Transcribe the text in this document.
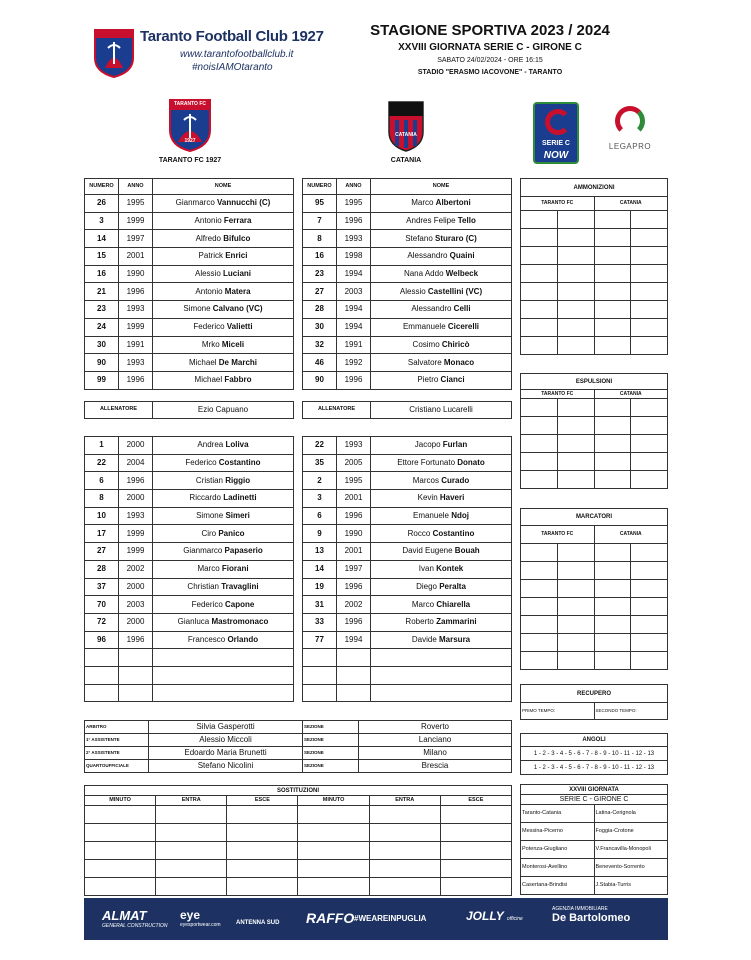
Taranto Football Club 1927
www.tarantofootballclub.it
#noisIAMOtaranto
STAGIONE SPORTIVA 2023 / 2024
XXVIII GIORNATA SERIE C - GIRONE C
SABATO 24/02/2024 - ORE 16:15
STADIO "ERASMO IACOVONE" - TARANTO
TARANTO FC
1927
TARANTO FC 1927
CATANIA
CATANIA
SERIE C
NOW
LEGAPRO
NUMERO	ANNO	NOME
26	1995	Gianmarco Vannucchi (C)
3	1999	Antonio Ferrara
14	1997	Alfredo Bifulco
15	2001	Patrick Enrici
16	1990	Alessio Luciani
21	1996	Antonio Matera
23	1993	Simone Calvano (VC)
24	1999	Federico Valietti
30	1991	Mrko Miceli
90	1993	Michael De Marchi
99	1996	Michael Fabbro
NUMERO	ANNO	NOME
95	1995	Marco Albertoni
7	1996	Andres Felipe Tello
8	1993	Stefano Sturaro (C)
16	1998	Alessandro Quaini
23	1994	Nana Addo Welbeck
27	2003	Alessio Castellini (VC)
28	1994	Alessandro Celli
30	1994	Emmanuele Cicerelli
32	1991	Cosimo Chiricò
46	1992	Salvatore Monaco
90	1996	Pietro Cianci
ALLENATORE	Ezio Capuano	ALLENATORE	Cristiano Lucarelli
1	2000	Andrea Loliva
22	2004	Federico Costantino
6	1996	Cristian Riggio
8	2000	Riccardo Ladinetti
10	1993	Simone Simeri
17	1999	Ciro Panico
27	1999	Gianmarco Papaserio
28	2002	Marco Fiorani
37	2000	Christian Travaglini
70	2003	Federico Capone
72	2000	Gianluca Mastromonaco
96	1996	Francesco Orlando

22	1993	Jacopo Furlan
35	2005	Ettore Fortunato Donato
2	1995	Marcos Curado
3	2001	Kevin Haveri
6	1996	Emanuele Ndoj
9	1990	Rocco Costantino
13	2001	David Eugene Bouah
14	1997	Ivan Kontek
19	1996	Diego Peralta
31	2002	Marco Chiarella
33	1996	Roberto Zammarini
77	1994	Davide Marsura

ARBITRO	Silvia Gasperotti	SEZIONE	Roverto
1° ASSISTENTE	Alessio Miccoli	SEZIONE	Lanciano
2° ASSISTENTE	Edoardo Maria Brunetti	SEZIONE	Milano
QUARTOUFFICIALE	Stefano Nicolini	SEZIONE	Brescia
SOSTITUZIONI					
MINUTO	ENTRA	ESCE	MINUTO	ENTRA	ESCE

AMMONIZIONI			
TARANTO FC		CATANIA	

ESPULSIONI			
TARANTO FC		CATANIA	

MARCATORI			
TARANTO FC		CATANIA	

RECUPERO
PRIMO TEMPO:	SECONDO TEMPO:
ANGOLI
1 - 2 - 3 - 4 - 5 - 6 - 7 - 8 - 9 - 10 - 11 - 12 - 13
1 - 2 - 3 - 4 - 5 - 6 - 7 - 8 - 9 - 10 - 11 - 12 - 13
XXVIII GIORNATA	
SERIE C - GIRONE C	
Taranto-Catania	Latina-Cerignola
Messina-Picerno	Foggia-Crotone
Potenza-Giugliano	V.Francavilla-Monopoli
Monterosi-Avellino	Benevento-Sorrento
Casertana-Brindisi	J.Stabia-Turris
ALMAT
GENERAL CONSTRUCTION
eye
eyesportwear.com	ANTENNA SUD RAFFO #WEAREINPUGLIA	JOLLY officine
AGENZIA IMMOBILIARE
De Bartolomeo
